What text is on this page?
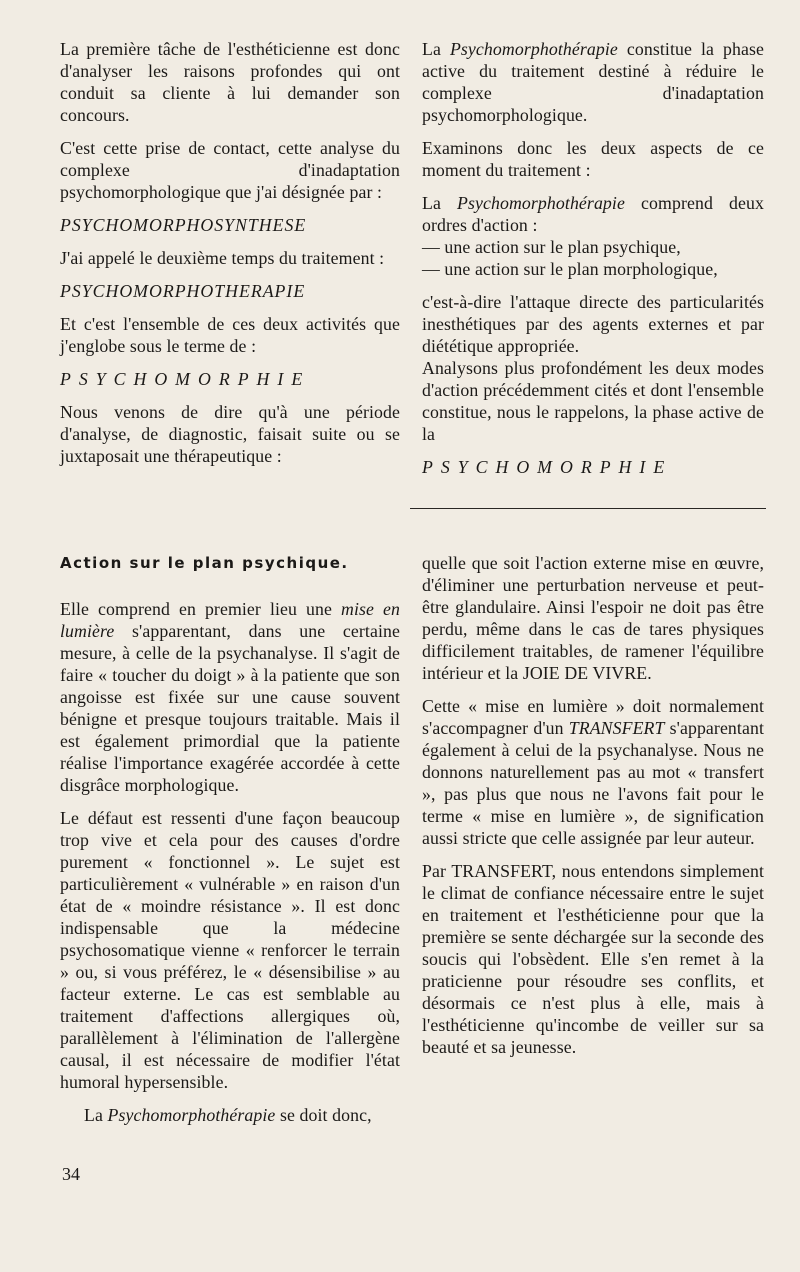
La première tâche de l'esthéticienne est donc d'analyser les raisons profondes qui ont conduit sa cliente à lui demander son concours.

C'est cette prise de contact, cette analyse du complexe d'inadaptation psychomorphologique que j'ai désignée par :

PSYCHOMORPHOSYNTHESE

J'ai appelé le deuxième temps du traitement :

PSYCHOMORPHOTHERAPIE

Et c'est l'ensemble de ces deux activités que j'englobe sous le terme de :

PSYCHOMORPHIE

Nous venons de dire qu'à une période d'analyse, de diagnostic, faisait suite ou se juxtaposait une thérapeutique :

La Psychomorphothérapie constitue la phase active du traitement destiné à réduire le complexe d'inadaptation psychomorphologique.

Examinons donc les deux aspects de ce moment du traitement :

La Psychomorphothérapie comprend deux ordres d'action :

— une action sur le plan psychique,

— une action sur le plan morphologique,

c'est-à-dire l'attaque directe des particularités inesthétiques par des agents externes et par diététique appropriée.

Analysons plus profondément les deux modes d'action précédemment cités et dont l'ensemble constitue, nous le rappelons, la phase active de la

PSYCHOMORPHIE

Action sur le plan psychique.

Elle comprend en premier lieu une mise en lumière s'apparentant, dans une certaine mesure, à celle de la psychanalyse. Il s'agit de faire « toucher du doigt » à la patiente que son angoisse est fixée sur une cause souvent bénigne et presque toujours traitable. Mais il est également primordial que la patiente réalise l'importance exagérée accordée à cette disgrâce morphologique.

Le défaut est ressenti d'une façon beaucoup trop vive et cela pour des causes d'ordre purement « fonctionnel ». Le sujet est particulièrement « vulnérable » en raison d'un état de « moindre résistance ». Il est donc indispensable que la médecine psychosomatique vienne « renforcer le terrain » ou, si vous préférez, le « désensibilise » au facteur externe. Le cas est semblable au traitement d'affections allergiques où, parallèlement à l'élimination de l'allergène causal, il est nécessaire de modifier l'état humoral hypersensible.

La Psychomorphothérapie se doit donc,

quelle que soit l'action externe mise en œuvre, d'éliminer une perturbation nerveuse et peut-être glandulaire. Ainsi l'espoir ne doit pas être perdu, même dans le cas de tares physiques difficilement traitables, de ramener l'équilibre intérieur et la JOIE DE VIVRE.

Cette « mise en lumière » doit normalement s'accompagner d'un TRANSFERT s'apparentant également à celui de la psychanalyse. Nous ne donnons naturellement pas au mot « transfert », pas plus que nous ne l'avons fait pour le terme « mise en lumière », de signification aussi stricte que celle assignée par leur auteur.

Par TRANSFERT, nous entendons simplement le climat de confiance nécessaire entre le sujet en traitement et l'esthéticienne pour que la première se sente déchargée sur la seconde des soucis qui l'obsèdent. Elle s'en remet à la praticienne pour résoudre ses conflits, et désormais ce n'est plus à elle, mais à l'esthéticienne qu'incombe de veiller sur sa beauté et sa jeunesse.

34
